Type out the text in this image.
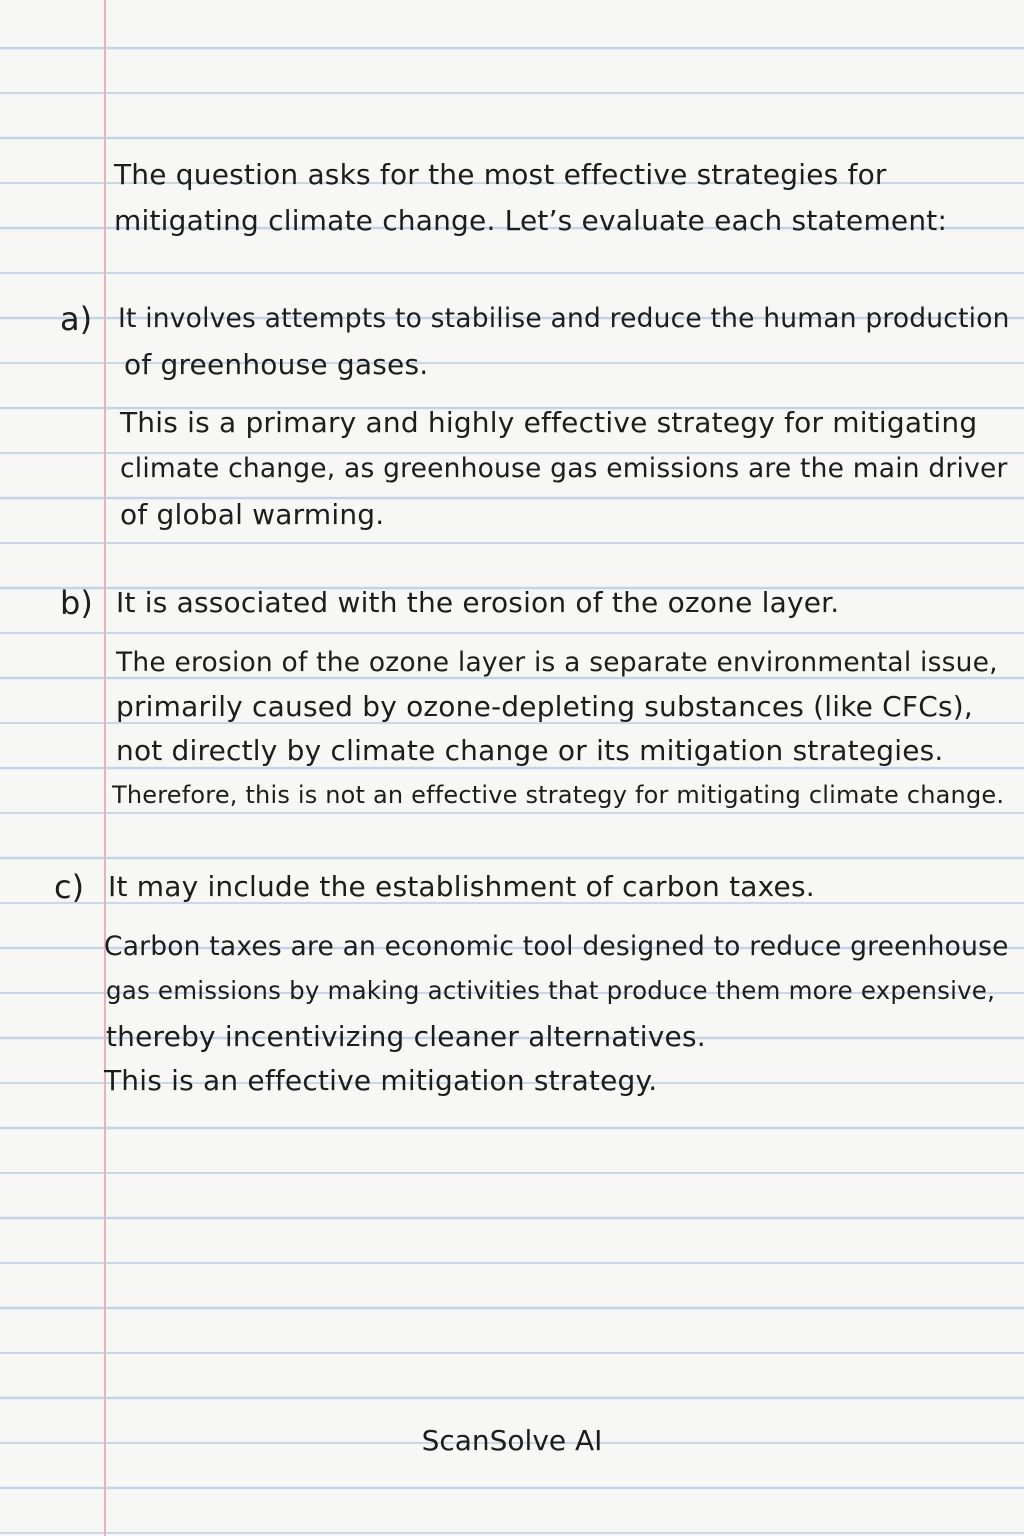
The question asks for the most effective strategies for
mitigating climate change. Let’s evaluate each statement:
a) It involves attempts to stabilise and reduce the human production
of greenhouse gases.
This is a primary and highly effective strategy for mitigating
climate change, as greenhouse gas emissions are the main driver
of global warming.
b) It is associated with the erosion of the ozone layer.
The erosion of the ozone layer is a separate environmental issue,
primarily caused by ozone-depleting substances (like CFCs),
not directly by climate change or its mitigation strategies.
Therefore, this is not an effective strategy for mitigating climate change.
c) It may include the establishment of carbon taxes.
Carbon taxes are an economic tool designed to reduce greenhouse
gas emissions by making activities that produce them more expensive,
thereby incentivizing cleaner alternatives.
This is an effective mitigation strategy.
ScanSolve AI
